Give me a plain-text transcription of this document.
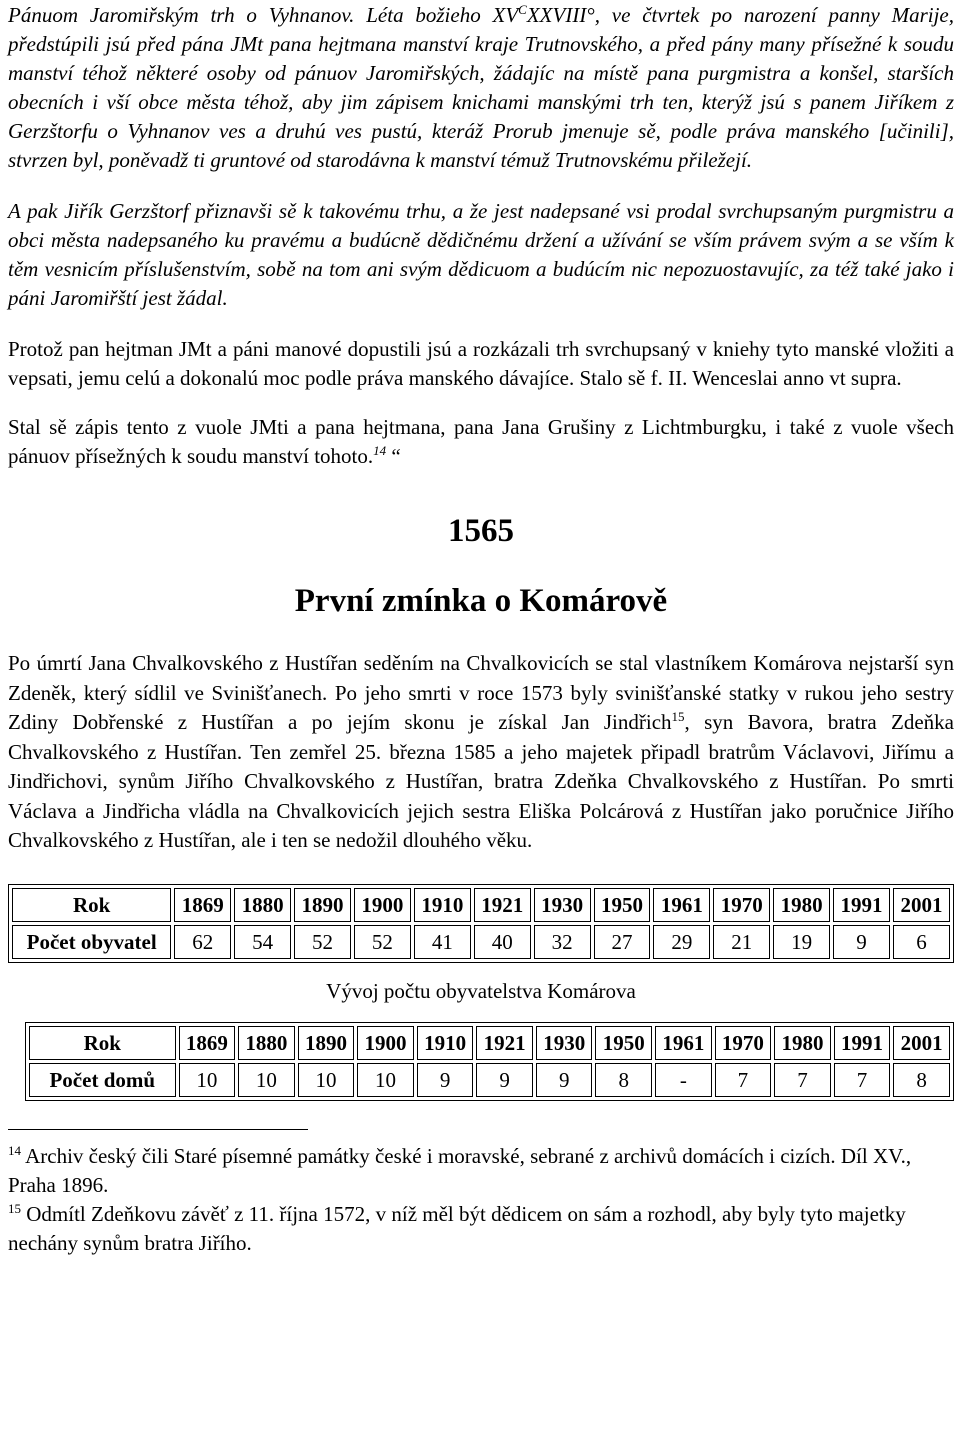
Pánuom Jaromiřským trh o Vyhnanov. Léta božieho $XV^CXXVIII^\circ$, ve čtvrtek po narození panny Marije, předstúpili jsú před pána JMt pana hejtmana manství kraje Trutnovského, a před pány many přísežné k soudu manství téhož některé osoby od pánuov Jaromiřských, žádajíc na místě pana purgmistra a konšel, starších obecních i vší obce města téhož, aby jim zápisem knichami manskými trh ten, kterýž jsú s panem Jiříkem z Gerzštorfu o Vyhnanov ves a druhú ves pustú, kteráž Prorub jmenuje sě, podle práva manského [učinili], stvrzen byl, poněvadž ti gruntové od starodávna k manství témuž Trutnovskému přiležejí.

A pak Jiřík Gerzštorf přiznavši sě k takovému trhu, a že jest nadepsané vsi prodal svrchupsaným purgmistru a obci města nadepsaného ku pravému a budúcně dědičnému držení a užívání se vším právem svým a se vším k těm vesnicím příslušenstvím, sobě na tom ani svým dědicuom a budúcím nic nepozuostavujíc, za též také jako i páni Jaromiřští jest žádal.

Protož pan hejtman JMt a páni manové dopustili jsú a rozkázali trh svrchupsaný v kniehy tyto manské vložiti a vepsati, jemu celú a dokonalú moc podle práva manského dávajíce. Stalo sě f. II. Wenceslai anno vt supra.

Stal sě zápis tento z vuole JMti a pana hejtmana, pana Jana Grušiny z Lichtmburgku, i také z vuole všech pánuov přísežných k soudu manství tohoto.$^{14}$ “

1565
První zmínka o Komárově

Po úmrtí Jana Chvalkovského z Hustířan seděním na Chvalkovicích se stal vlastníkem Komárova nejstarší syn Zdeněk, který sídlil ve Svinišťanech. Po jeho smrti v roce 1573 byly svinišťanské statky v rukou jeho sestry Zdiny Dobřenské z Hustířan a po jejím skonu je získal Jan Jindřich$^{15}$, syn Bavora, bratra Zdeňka Chvalkovského z Hustířan. Ten zemřel 25. března 1585 a jeho majetek připadl bratrům Václavovi, Jiřímu a Jindřichovi, synům Jiřího Chvalkovského z Hustířan, bratra Zdeňka Chvalkovského z Hustířan. Po smrti Václava a Jindřicha vládla na Chvalkovicích jejich sestra Eliška Polcárová z Hustířan jako poručnice Jiřího Chvalkovského z Hustířan, ale i ten se nedožil dlouhého věku.

Rok	1869	1880	1890	1900	1910	1921	1930	1950	1961	1970	1980	1991	2001
Počet obyvatel	62	54	52	52	41	40	32	27	29	21	19	9	6
Vývoj počtu obyvatelstva Komárova
Rok	1869	1880	1890	1900	1910	1921	1930	1950	1961	1970	1980	1991	2001
Počet domů	10	10	10	10	9	9	9	8	-	7	7	7	8

$^{14}$ Archiv český čili Staré písemné památky české i moravské, sebrané z archivů domácích i cizích. Díl XV., Praha 1896.

$^{15}$ Odmítl Zdeňkovu závěť z 11. října 1572, v níž měl být dědicem on sám a rozhodl, aby byly tyto majetky nechány synům bratra Jiřího.
